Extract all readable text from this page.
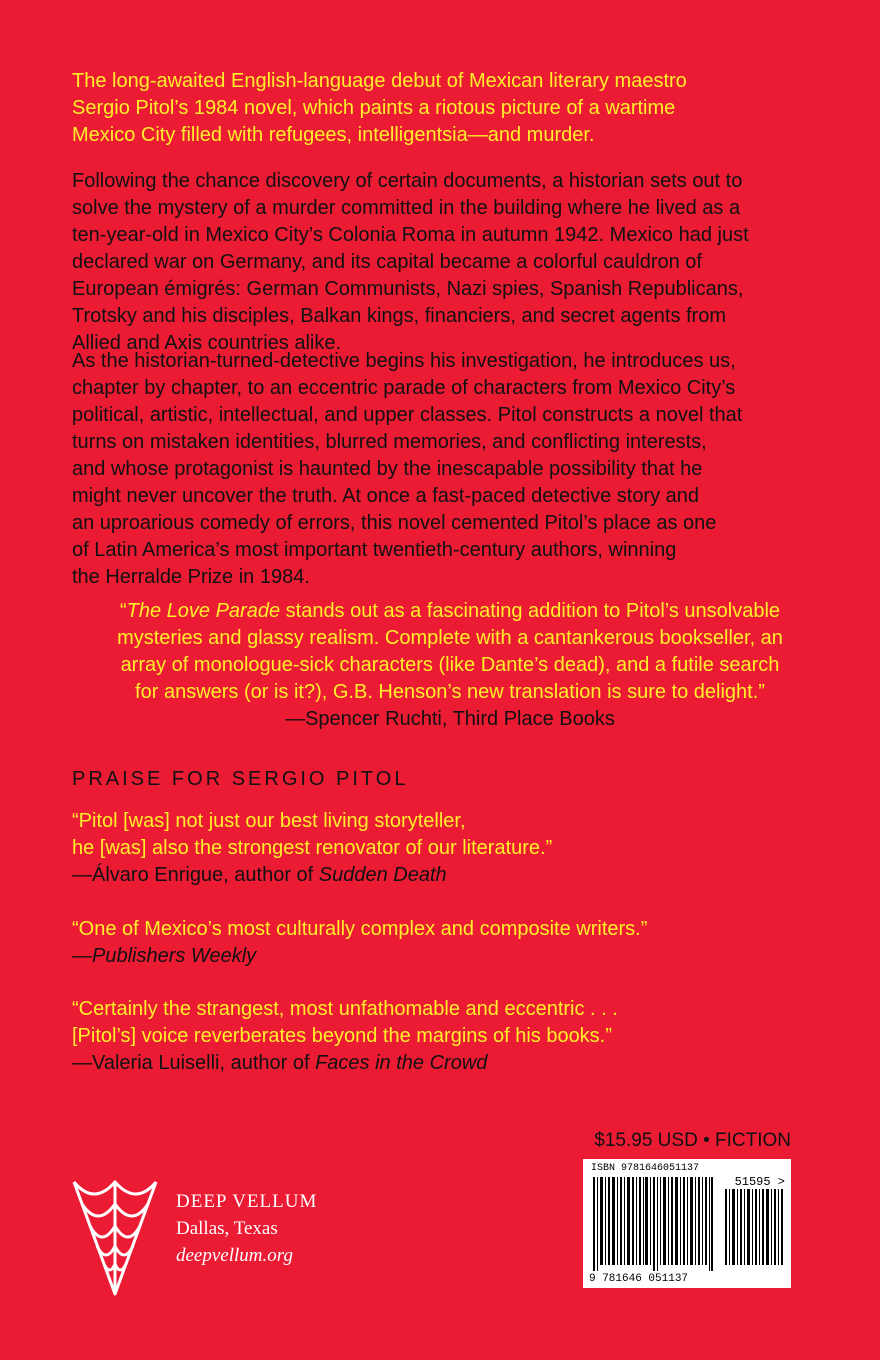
The long-awaited English-language debut of Mexican literary maestro
Sergio Pitol’s 1984 novel, which paints a riotous picture of a wartime
Mexico City filled with refugees, intelligentsia—and murder.
Following the chance discovery of certain documents, a historian sets out to
solve the mystery of a murder committed in the building where he lived as a
ten-year-old in Mexico City’s Colonia Roma in autumn 1942. Mexico had just
declared war on Germany, and its capital became a colorful cauldron of
European émigrés: German Communists, Nazi spies, Spanish Republicans,
Trotsky and his disciples, Balkan kings, financiers, and secret agents from
Allied and Axis countries alike.
As the historian-turned-detective begins his investigation, he introduces us,
chapter by chapter, to an eccentric parade of characters from Mexico City’s
political, artistic, intellectual, and upper classes. Pitol constructs a novel that
turns on mistaken identities, blurred memories, and conflicting interests,
and whose protagonist is haunted by the inescapable possibility that he
might never uncover the truth. At once a fast-paced detective story and
an uproarious comedy of errors, this novel cemented Pitol’s place as one
of Latin America’s most important twentieth-century authors, winning
the Herralde Prize in 1984.
“The Love Parade stands out as a fascinating addition to Pitol’s unsolvable
mysteries and glassy realism. Complete with a cantankerous bookseller, an
array of monologue-sick characters (like Dante’s dead), and a futile search
for answers (or is it?), G.B. Henson’s new translation is sure to delight.”
—Spencer Ruchti, Third Place Books
PRAISE FOR SERGIO PITOL
“Pitol [was] not just our best living storyteller,
he [was] also the strongest renovator of our literature.”
—Álvaro Enrigue, author of Sudden Death
“One of Mexico’s most culturally complex and composite writers.”
—Publishers Weekly
“Certainly the strangest, most unfathomable and eccentric . . .
[Pitol’s] voice reverberates beyond the margins of his books.”
—Valeria Luiselli, author of Faces in the Crowd
$15.95 USD • FICTION
ISBN 9781646051137
51595 >
9 781646 051137
DEEP VELLUM
Dallas, Texas
deepvellum.org
